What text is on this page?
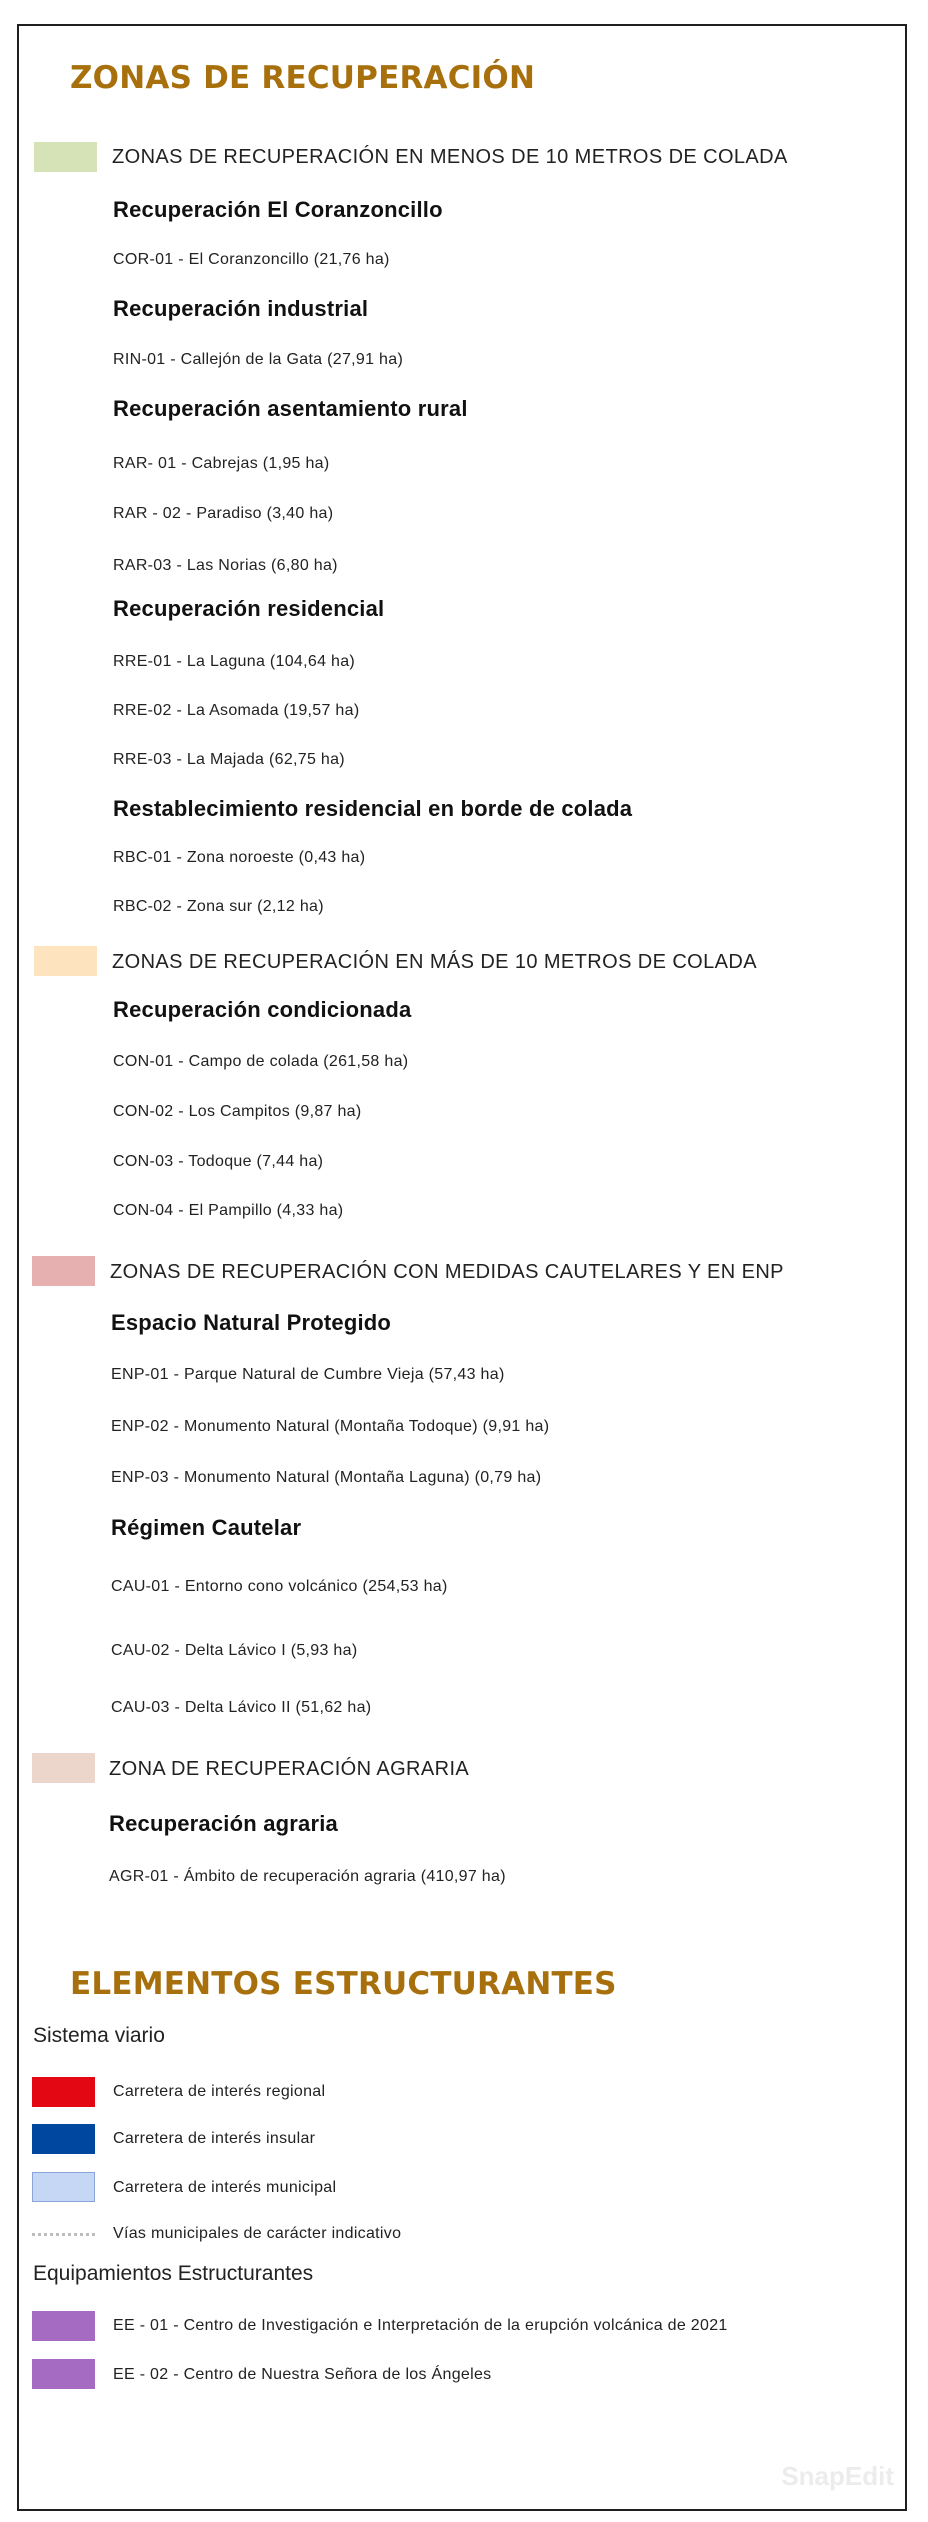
ZONAS DE RECUPERACIÓN
ZONAS DE RECUPERACIÓN EN MENOS DE 10 METROS DE COLADA
Recuperación El Coranzoncillo
COR-01 - El Coranzoncillo (21,76 ha)
Recuperación industrial
RIN-01 - Callejón de la Gata (27,91 ha)
Recuperación asentamiento rural
RAR- 01 - Cabrejas (1,95 ha)
RAR - 02 - Paradiso (3,40 ha)
RAR-03 - Las Norias (6,80 ha)
Recuperación residencial
RRE-01 - La Laguna (104,64 ha)
RRE-02 - La Asomada (19,57 ha)
RRE-03 - La Majada (62,75 ha)
Restablecimiento residencial en borde de colada
RBC-01 - Zona noroeste (0,43 ha)
RBC-02 - Zona sur (2,12 ha)
ZONAS DE RECUPERACIÓN EN MÁS DE 10 METROS DE COLADA
Recuperación condicionada
CON-01 - Campo de colada (261,58 ha)
CON-02 - Los Campitos (9,87 ha)
CON-03 - Todoque (7,44 ha)
CON-04 - El Pampillo (4,33 ha)
ZONAS DE RECUPERACIÓN CON MEDIDAS CAUTELARES Y EN ENP
Espacio Natural Protegido
ENP-01 - Parque Natural de Cumbre Vieja (57,43 ha)
ENP-02 - Monumento Natural (Montaña Todoque) (9,91 ha)
ENP-03 - Monumento Natural (Montaña Laguna) (0,79 ha)
Régimen Cautelar
CAU-01 - Entorno cono volcánico (254,53 ha)
CAU-02 - Delta Lávico I (5,93 ha)
CAU-03 - Delta Lávico II (51,62 ha)
ZONA DE RECUPERACIÓN AGRARIA
Recuperación agraria
AGR-01 - Ámbito de recuperación agraria (410,97 ha)
ELEMENTOS ESTRUCTURANTES
Sistema viario
Carretera de interés regional
Carretera de interés insular
Carretera de interés municipal
Vías municipales de carácter indicativo
Equipamientos Estructurantes
EE - 01 - Centro de Investigación e Interpretación de la erupción volcánica de 2021
EE - 02 - Centro de Nuestra Señora de los Ángeles
SnapEdit
